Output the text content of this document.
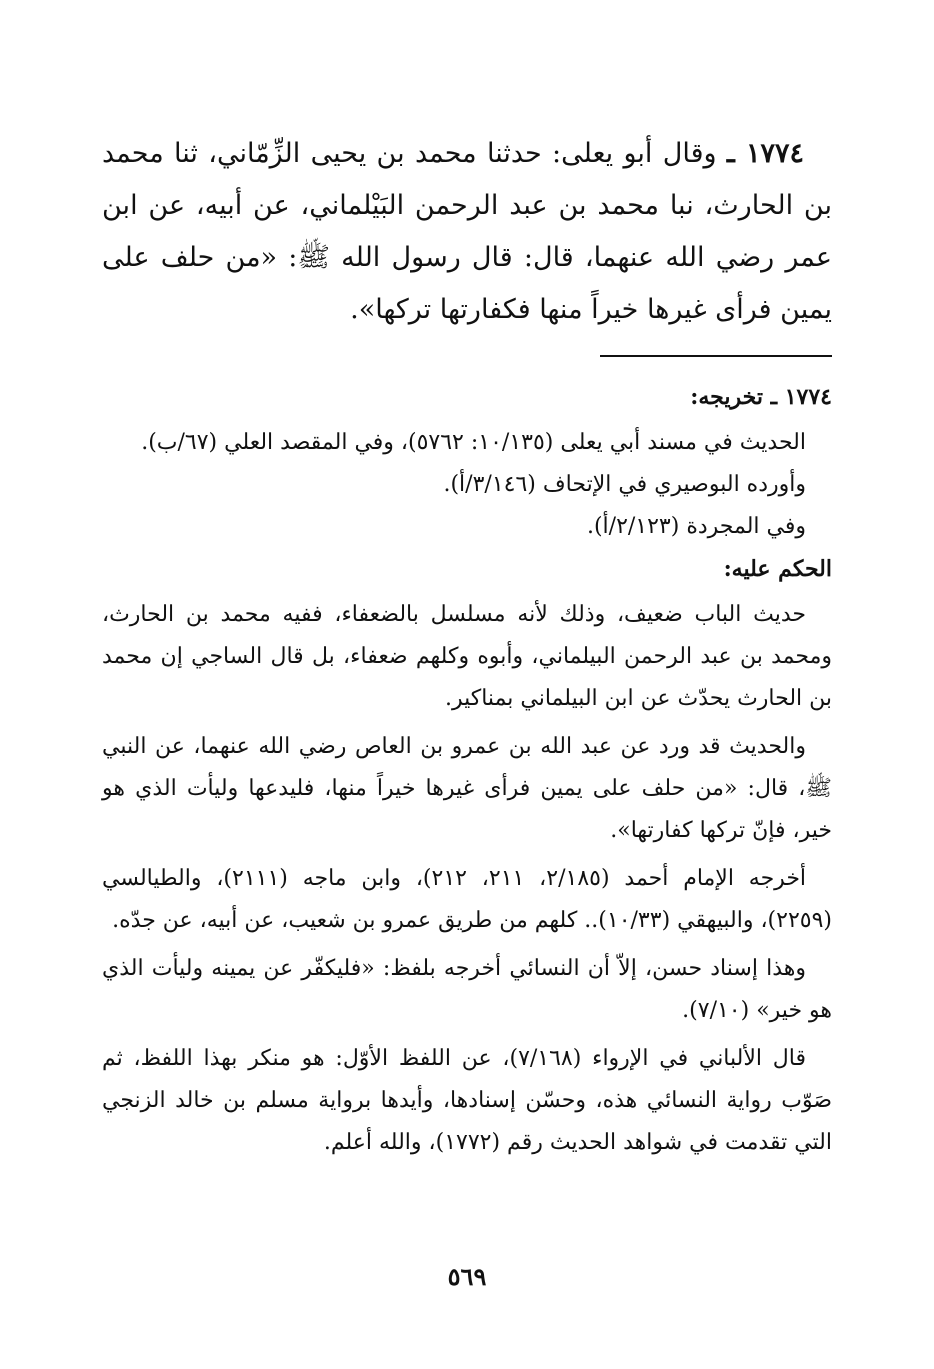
١٧٧٤ ـ وقال أبو يعلى: حدثنا محمد بن يحيى الزِّمّاني، ثنا محمد بن الحارث، نبا محمد بن عبد الرحمن البَيْلماني، عن أبيه، عن ابن عمر رضي الله عنهما، قال: قال رسول الله ﷺ: «من حلف على يمين فرأى غيرها خيراً منها فكفارتها تركها».

١٧٧٤ ـ تخريجه:

الحديث في مسند أبي يعلى (١٠/١٣٥: ٥٧٦٢)، وفي المقصد العلي (٦٧/ب).

وأورده البوصيري في الإتحاف (٣/١٤٦/أ).

وفي المجردة (٢/١٢٣/أ).

الحكم عليه:

حديث الباب ضعيف، وذلك لأنه مسلسل بالضعفاء، ففيه محمد بن الحارث، ومحمد بن عبد الرحمن البيلماني، وأبوه وكلهم ضعفاء، بل قال الساجي إن محمد بن الحارث يحدّث عن ابن البيلماني بمناكير.

والحديث قد ورد عن عبد الله بن عمرو بن العاص رضي الله عنهما، عن النبي ﷺ، قال: «من حلف على يمين فرأى غيرها خيراً منها، فليدعها وليأت الذي هو خير، فإنّ تركها كفارتها».

أخرجه الإمام أحمد (٢/١٨٥، ٢١١، ٢١٢)، وابن ماجه (٢١١١)، والطيالسي (٢٢٥٩)، والبيهقي (١٠/٣٣).. كلهم من طريق عمرو بن شعيب، عن أبيه، عن جدّه.

وهذا إسناد حسن، إلاّ أن النسائي أخرجه بلفظ: «فليكفّر عن يمينه وليأت الذي هو خير» (٧/١٠).

قال الألباني في الإرواء (٧/١٦٨)، عن اللفظ الأوّل: هو منكر بهذا اللفظ، ثم صَوّب رواية النسائي هذه، وحسّن إسنادها، وأيدها برواية مسلم بن خالد الزنجي التي تقدمت في شواهد الحديث رقم (١٧٧٢)، والله أعلم.

٥٦٩
